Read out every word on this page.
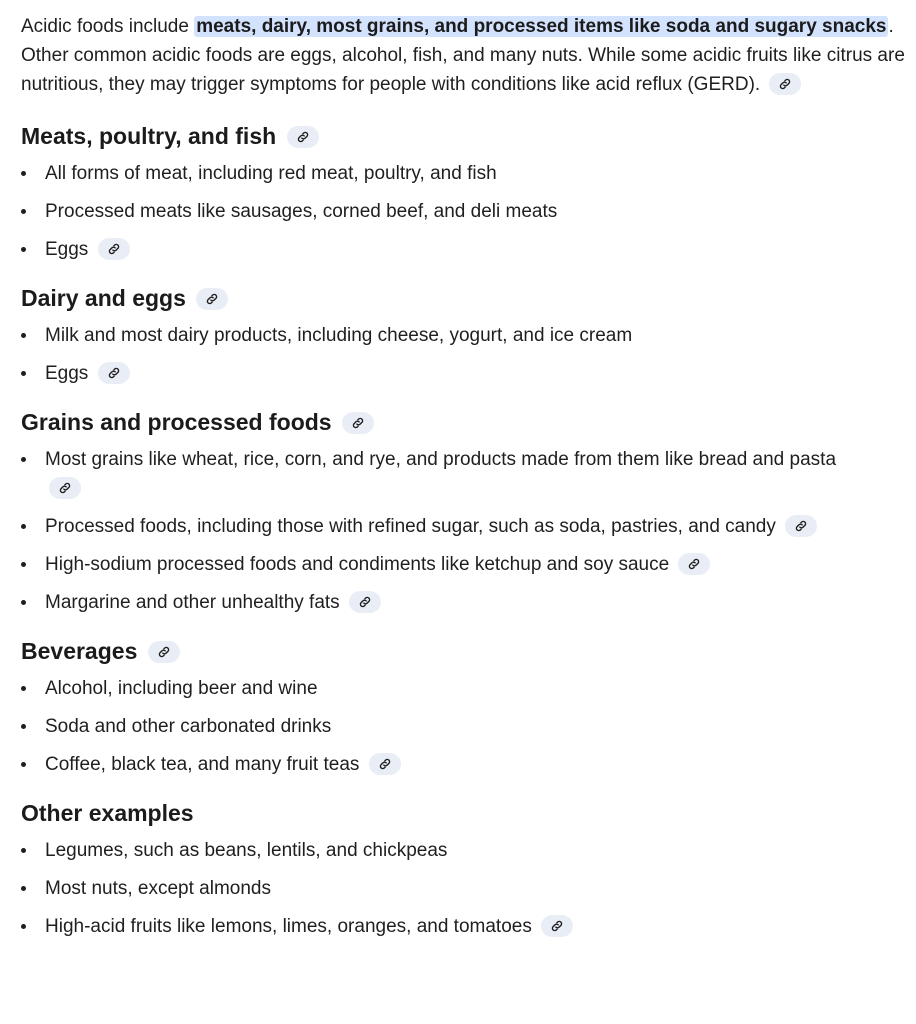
Acidic foods include meats, dairy, most grains, and processed items like soda and sugary snacks . Other common acidic foods are eggs, alcohol, fish, and many nuts. While some acidic fruits like citrus are nutritious, they may trigger symptoms for people with conditions like acid reflux (GERD).

Meats, poultry, and fish
All forms of meat, including red meat, poultry, and fish
Processed meats like sausages, corned beef, and deli meats
Eggs
Dairy and eggs
Milk and most dairy products, including cheese, yogurt, and ice cream
Eggs
Grains and processed foods
Most grains like wheat, rice, corn, and rye, and products made from them like bread and pasta
Processed foods, including those with refined sugar, such as soda, pastries, and candy
High-sodium processed foods and condiments like ketchup and soy sauce
Margarine and other unhealthy fats
Beverages
Alcohol, including beer and wine
Soda and other carbonated drinks
Coffee, black tea, and many fruit teas
Other examples
Legumes, such as beans, lentils, and chickpeas
Most nuts, except almonds
High-acid fruits like lemons, limes, oranges, and tomatoes
